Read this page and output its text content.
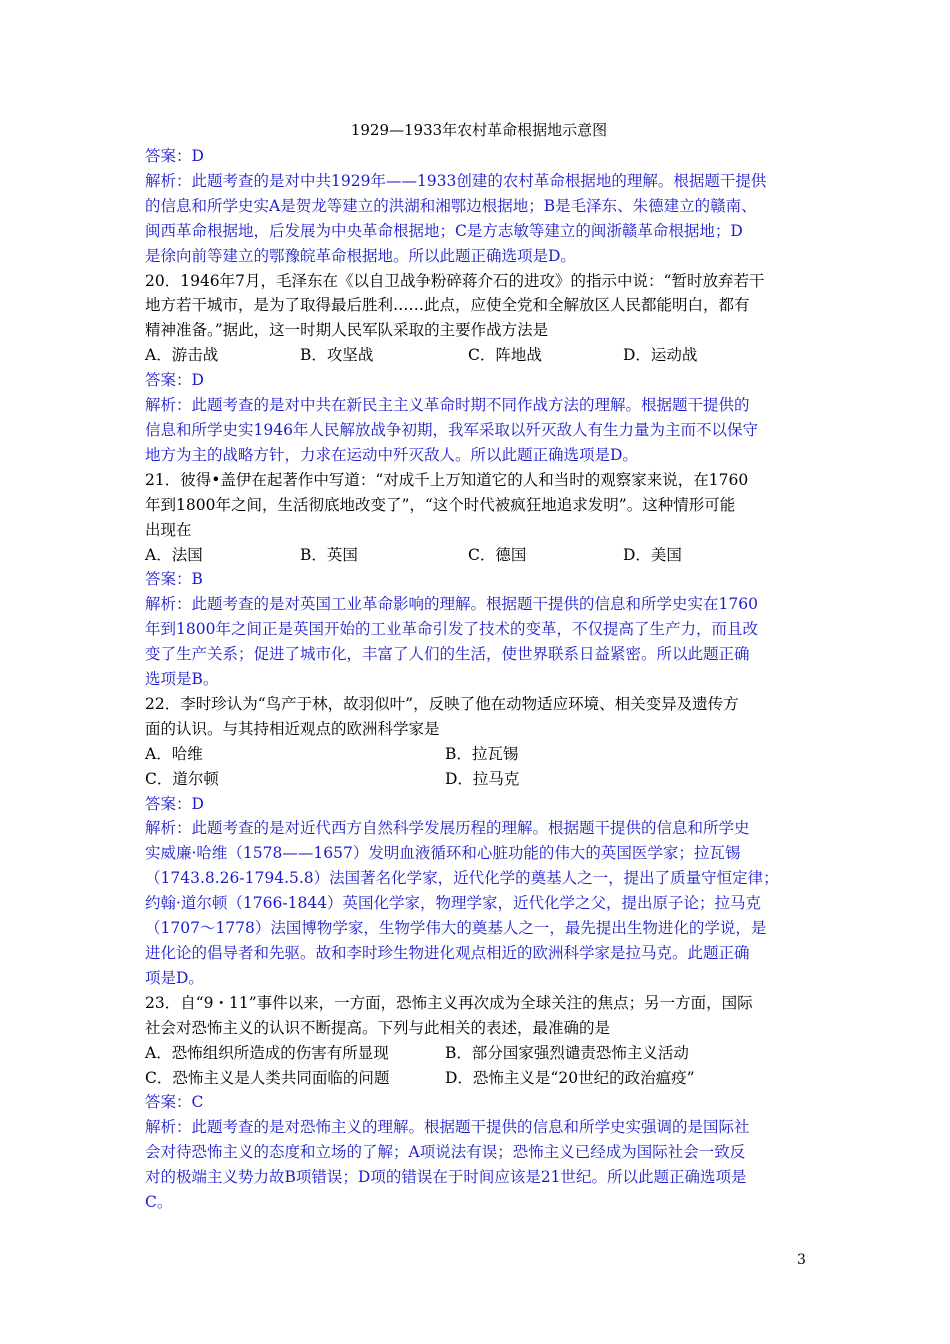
1929—1933年农村革命根据地示意图
答案：D
解析：此题考查的是对中共1929年——1933创建的农村革命根据地的理解。根据题干提供
的信息和所学史实A是贺龙等建立的洪湖和湘鄂边根据地；B是毛泽东、朱德建立的赣南、
闽西革命根据地，后发展为中央革命根据地；C是方志敏等建立的闽浙赣革命根据地；D
是徐向前等建立的鄂豫皖革命根据地。所以此题正确选项是D。
20．1946年7月，毛泽东在《以自卫战争粉碎蒋介石的进攻》的指示中说：“暂时放弃若干
地方若干城市，是为了取得最后胜利……此点，应使全党和全解放区人民都能明白，都有
精神准备。”据此，这一时期人民军队采取的主要作战方法是
A．游击战	B．攻坚战	C．阵地战	D．运动战
答案：D
解析：此题考查的是对中共在新民主主义革命时期不同作战方法的理解。根据题干提供的
信息和所学史实1946年人民解放战争初期，我军采取以歼灭敌人有生力量为主而不以保守
地方为主的战略方针，力求在运动中歼灭敌人。所以此题正确选项是D。
21．彼得•盖伊在起著作中写道：“对成千上万知道它的人和当时的观察家来说，在1760
年到1800年之间，生活彻底地改变了”，“这个时代被疯狂地追求发明”。这种情形可能
出现在
A．法国	B．英国	C．德国	D．美国
答案：B
解析：此题考查的是对英国工业革命影响的理解。根据题干提供的信息和所学史实在1760
年到1800年之间正是英国开始的工业革命引发了技术的变革，不仅提高了生产力，而且改
变了生产关系；促进了城市化，丰富了人们的生活，使世界联系日益紧密。所以此题正确
选项是B。
22．李时珍认为“鸟产于林，故羽似叶”，反映了他在动物适应环境、相关变异及遗传方
面的认识。与其持相近观点的欧洲科学家是
A．哈维	B．拉瓦锡
C．道尔顿	D．拉马克
答案：D
解析：此题考查的是对近代西方自然科学发展历程的理解。根据题干提供的信息和所学史
实威廉·哈维（1578——1657）发明血液循环和心脏功能的伟大的英国医学家；拉瓦锡
（1743.8.26-1794.5.8）法国著名化学家，近代化学的奠基人之一，提出了质量守恒定律；
约翰·道尔顿（1766-1844）英国化学家，物理学家，近代化学之父，提出原子论；拉马克
（1707～1778）法国博物学家，生物学伟大的奠基人之一，最先提出生物进化的学说，是
进化论的倡导者和先驱。故和李时珍生物进化观点相近的欧洲科学家是拉马克。此题正确
项是D。
23．自“9・11”事件以来，一方面，恐怖主义再次成为全球关注的焦点；另一方面，国际
社会对恐怖主义的认识不断提高。下列与此相关的表述，最准确的是
A．恐怖组织所造成的伤害有所显现	B．部分国家强烈谴责恐怖主义活动
C．恐怖主义是人类共同面临的问题	D．恐怖主义是“20世纪的政治瘟疫”
答案：C
解析：此题考查的是对恐怖主义的理解。根据题干提供的信息和所学史实强调的是国际社
会对待恐怖主义的态度和立场的了解；A项说法有误；恐怖主义已经成为国际社会一致反
对的极端主义势力故B项错误；D项的错误在于时间应该是21世纪。所以此题正确选项是
C。
3
